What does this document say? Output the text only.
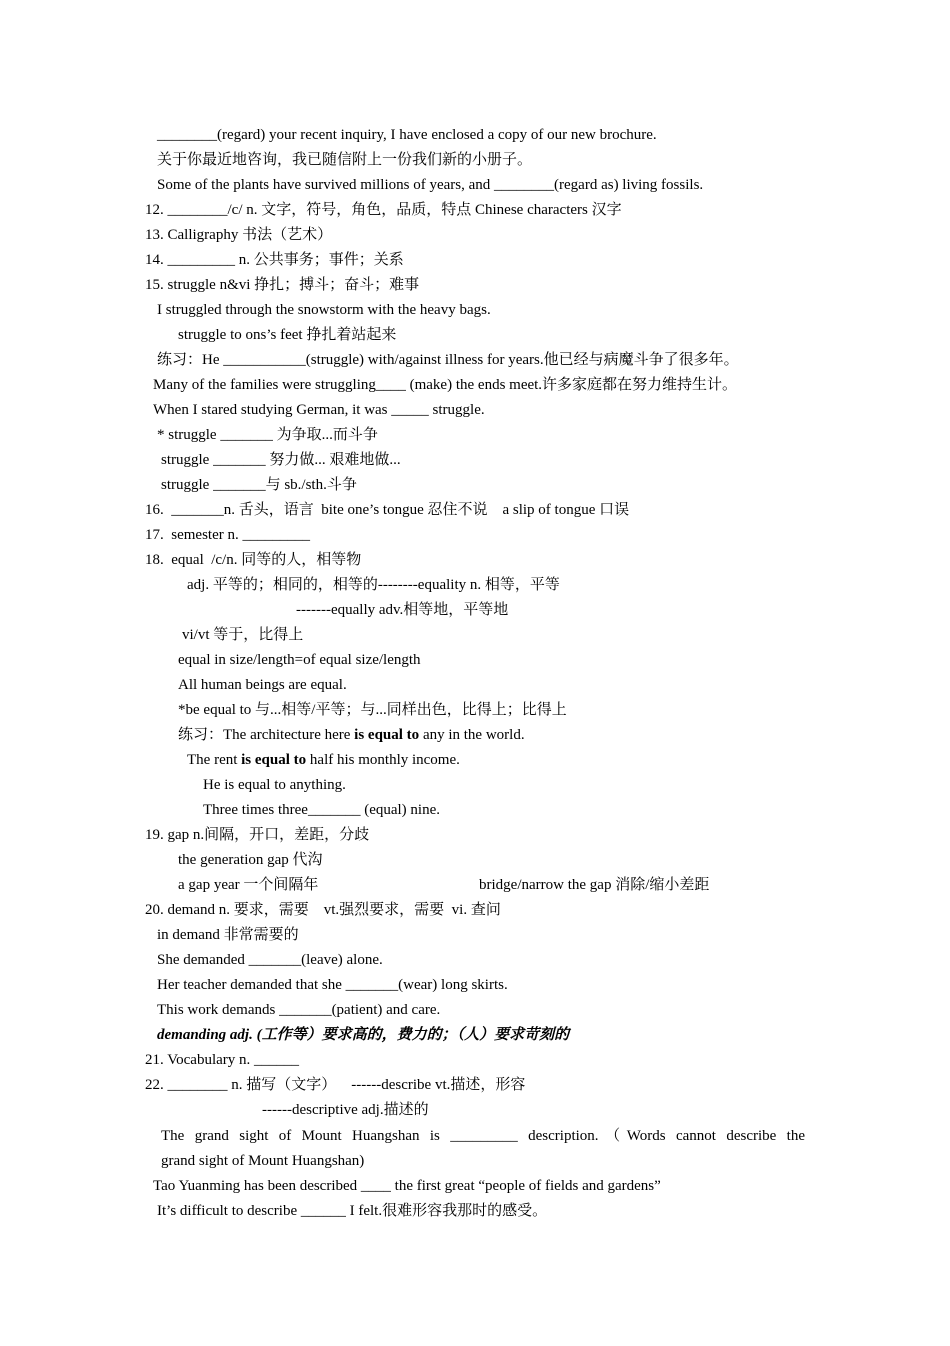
________(regard) your recent inquiry, I have enclosed a copy of our new brochure.
关于你最近地咨询，我已随信附上一份我们新的小册子。
Some of the plants have survived millions of years, and ________(regard as) living fossils.
12. ________/c/ n. 文字，符号，角色，品质，特点 Chinese characters 汉字
13. Calligraphy 书法（艺术）
14. _________ n. 公共事务；事件；关系
15. struggle n&vi 挣扎；搏斗；奋斗；难事
I struggled through the snowstorm with the heavy bags.
struggle to ons’s feet 挣扎着站起来
练习：He ___________(struggle) with/against illness for years.他已经与病魔斗争了很多年。
Many of the families were struggling____ (make) the ends meet.许多家庭都在努力维持生计。
When I stared studying German, it was _____ struggle.
* struggle _______ 为争取...而斗争
struggle _______ 努力做... 艰难地做...
struggle _______与 sb./sth.斗争
16.  _______n. 舌头，语言  bite one’s tongue 忍住不说    a slip of tongue 口误
17.  semester n. _________
18.  equal  /c/n. 同等的人，相等物
adj. 平等的；相同的，相等的--------equality n. 相等，平等
-------equally adv.相等地，平等地
vi/vt 等于，比得上
equal in size/length=of equal size/length
All human beings are equal.
*be equal to 与...相等/平等；与...同样出色，比得上；比得上
练习：The architecture here is equal to any in the world.
The rent is equal to half his monthly income.
He is equal to anything.
Three times three_______ (equal) nine.
19. gap n.间隔，开口，差距，分歧
the generation gap 代沟
a gap year 一个间隔年	bridge/narrow the gap 消除/缩小差距
20. demand n. 要求，需要    vt.强烈要求，需要  vi. 查问
in demand 非常需要的
She demanded _______(leave) alone.
Her teacher demanded that she _______(wear) long skirts.
This work demands _______(patient) and care.
demanding adj. (工作等）要求高的，费力的；（人）要求苛刻的
21. Vocabulary n. ______
22. ________ n. 描写（文字）    ------describe vt.描述，形容
------descriptive adj.描述的
The grand sight of Mount Huangshan is _________ description.（Words cannot describe the
grand sight of Mount Huangshan)
Tao Yuanming has been described ____ the first great “people of fields and gardens”
It’s difficult to describe ______ I felt.很难形容我那时的感受。
